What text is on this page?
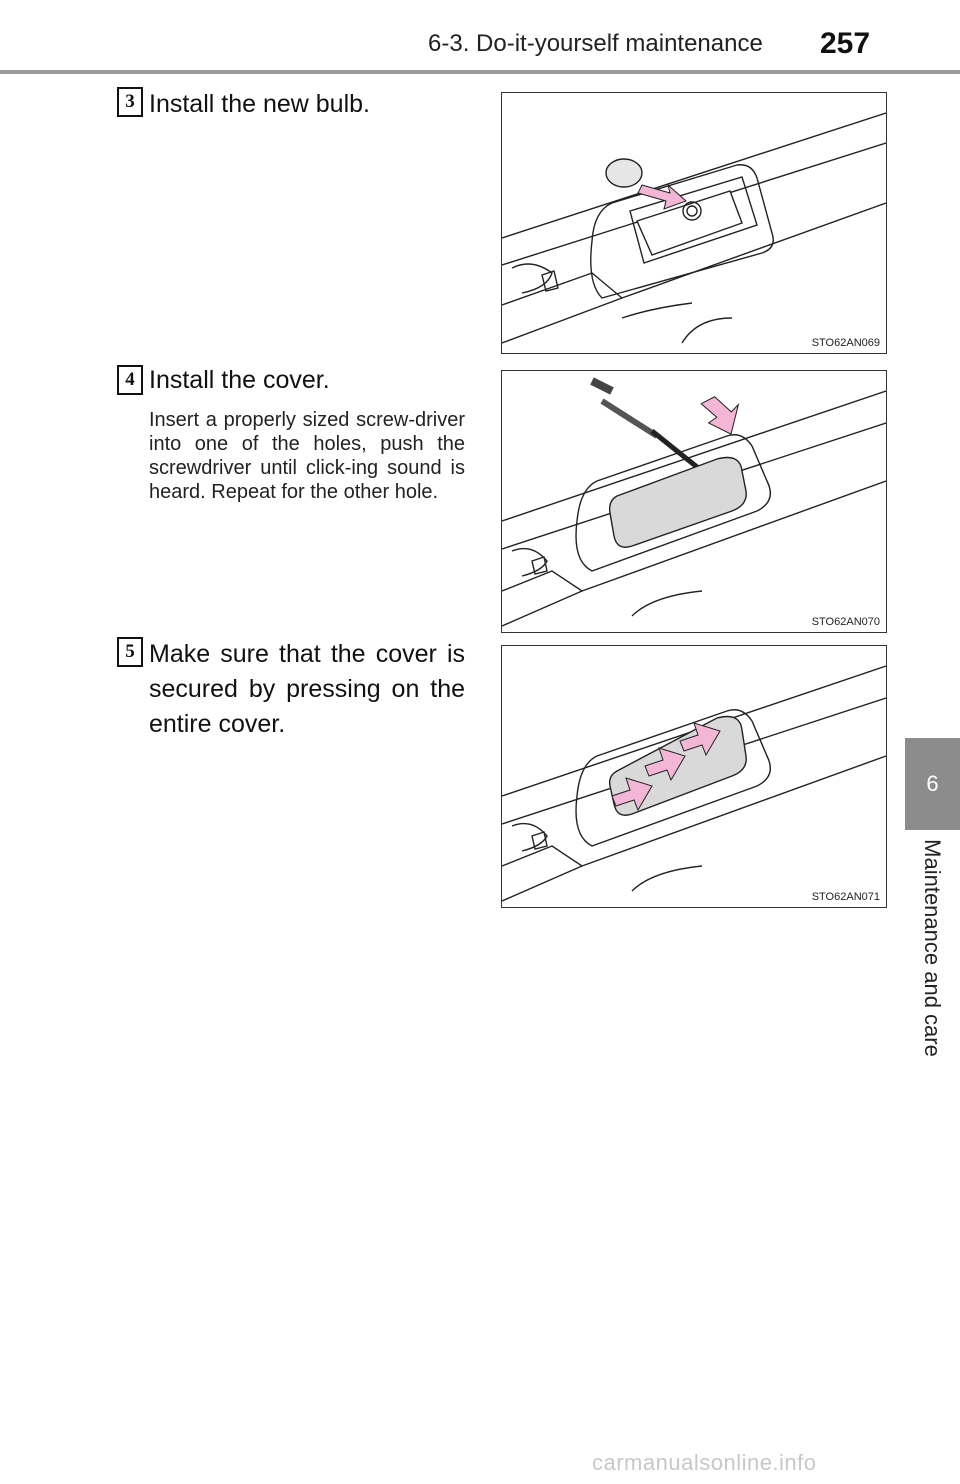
6-3. Do-it-yourself maintenance 257
6
Maintenance and care
3 Install the new bulb.
STO62AN069
4 Install the cover.
Insert a properly sized screw-driver into one of the holes, push the screwdriver until click-ing sound is heard. Repeat for the other hole.
STO62AN070
5 Make sure that the cover is secured by pressing on the entire cover.
STO62AN071
carmanualsonline.info
